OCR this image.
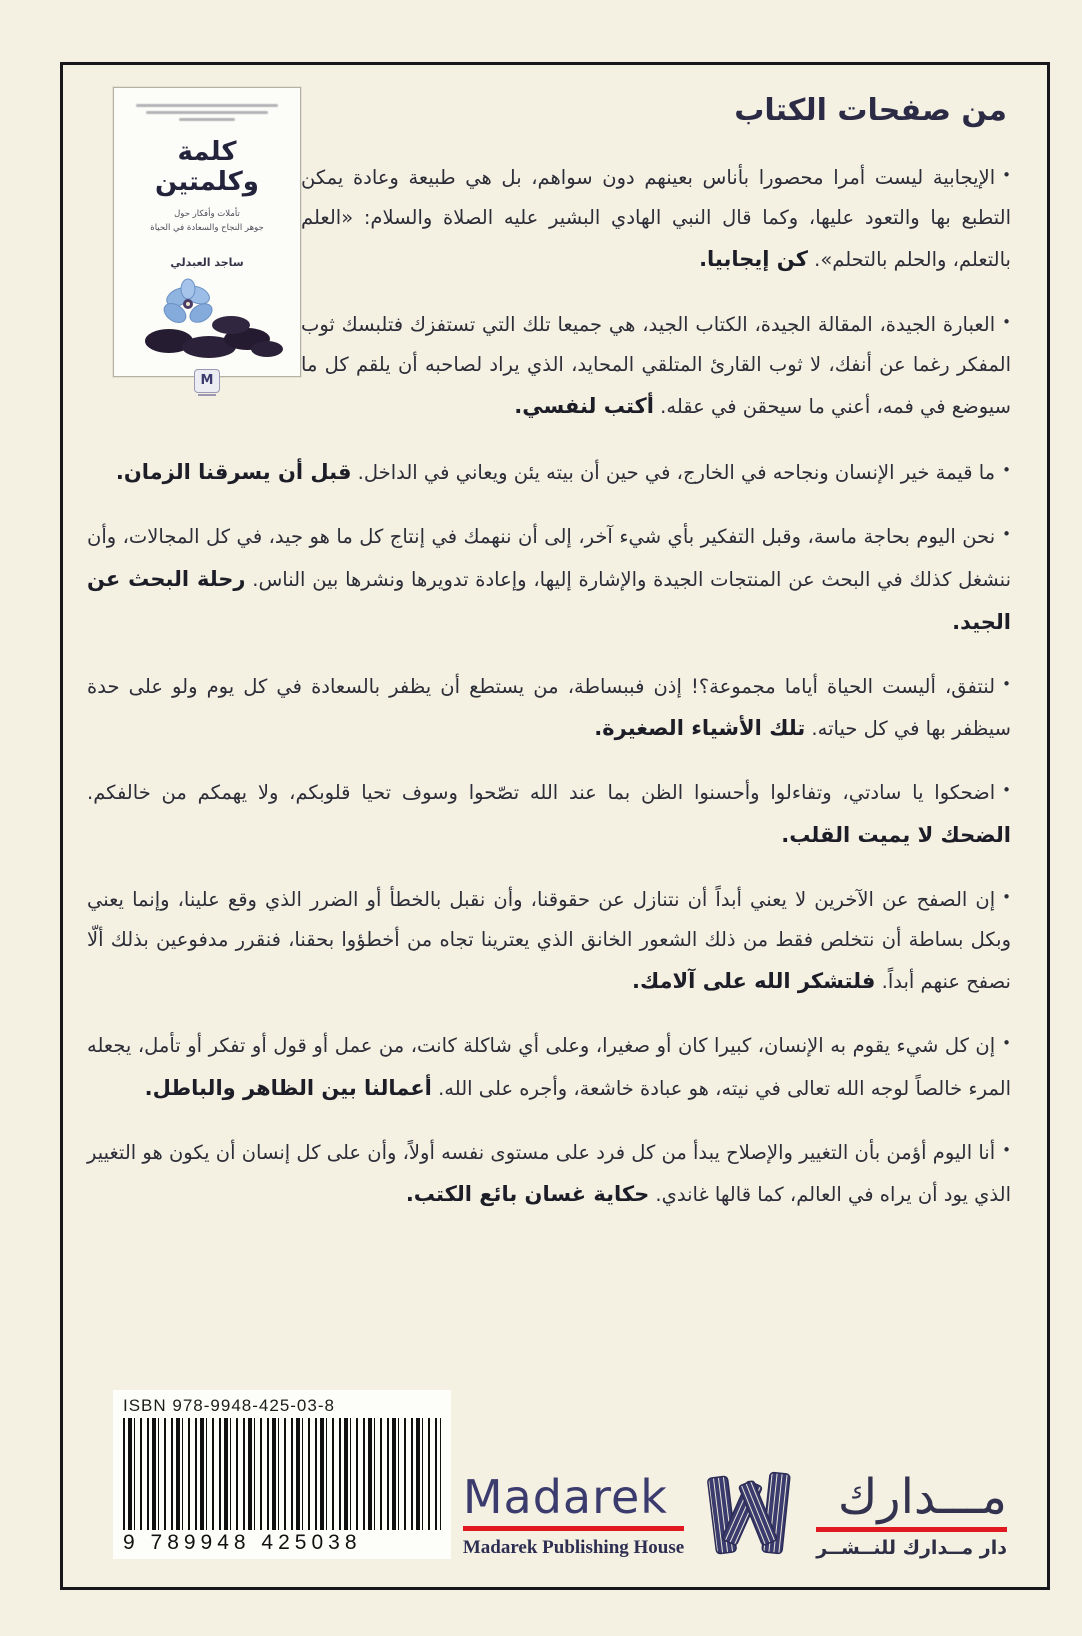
كلمة وكلمتين
تأملات وأفكار حول
جوهر النجاح والسعادة في الحياة
ساجد العبدلي
M
من صفحات الكتاب

•الإيجابية ليست أمرا محصورا بأناس بعينهم دون سواهم، بل هي طبيعة وعادة يمكن التطبع بها والتعود عليها، وكما قال النبي الهادي البشير عليه الصلاة والسلام: «العلم بالتعلم، والحلم بالتحلم». كن إيجابيا.

•العبارة الجيدة، المقالة الجيدة، الكتاب الجيد، هي جميعا تلك التي تستفزك فتلبسك ثوب المفكر رغما عن أنفك، لا ثوب القارئ المتلقي المحايد، الذي يراد لصاحبه أن يلقم كل ما سيوضع في فمه، أعني ما سيحقن في عقله. أكتب لنفسي.

•ما قيمة خير الإنسان ونجاحه في الخارج، في حين أن بيته يئن ويعاني في الداخل. قبل أن يسرقنا الزمان.

•نحن اليوم بحاجة ماسة، وقبل التفكير بأي شيء آخر، إلى أن ننهمك في إنتاج كل ما هو جيد، في كل المجالات، وأن ننشغل كذلك في البحث عن المنتجات الجيدة والإشارة إليها، وإعادة تدويرها ونشرها بين الناس. رحلة البحث عن الجيد.

•لنتفق، أليست الحياة أياما مجموعة؟! إذن فببساطة، من يستطع أن يظفر بالسعادة في كل يوم ولو على حدة سيظفر بها في كل حياته. تلك الأشياء الصغيرة.

•اضحكوا يا سادتي، وتفاءلوا وأحسنوا الظن بما عند الله تصّحوا وسوف تحيا قلوبكم، ولا يهمكم من خالفكم. الضحك لا يميت القلب.

•إن الصفح عن الآخرين لا يعني أبداً أن نتنازل عن حقوقنا، وأن نقبل بالخطأ أو الضرر الذي وقع علينا، وإنما يعني وبكل بساطة أن نتخلص فقط من ذلك الشعور الخانق الذي يعترينا تجاه من أخطؤوا بحقنا، فنقرر مدفوعين بذلك ألّا نصفح عنهم أبداً. فلتشكر الله على آلامك.

•إن كل شيء يقوم به الإنسان، كبيرا كان أو صغيرا، وعلى أي شاكلة كانت، من عمل أو قول أو تفكر أو تأمل، يجعله المرء خالصاً لوجه الله تعالى في نيته، هو عبادة خاشعة، وأجره على الله. أعمالنا بين الظاهر والباطل.

•أنا اليوم أؤمن بأن التغيير والإصلاح يبدأ من كل فرد على مستوى نفسه أولاً، وأن على كل إنسان أن يكون هو التغيير الذي يود أن يراه في العالم، كما قالها غاندي. حكاية غسان بائع الكتب.

ISBN 978-9948-425-03-8
9 789948 425038
Madarek
Madarek Publishing House
مـــدارك
دار مــدارك للنــشــر
